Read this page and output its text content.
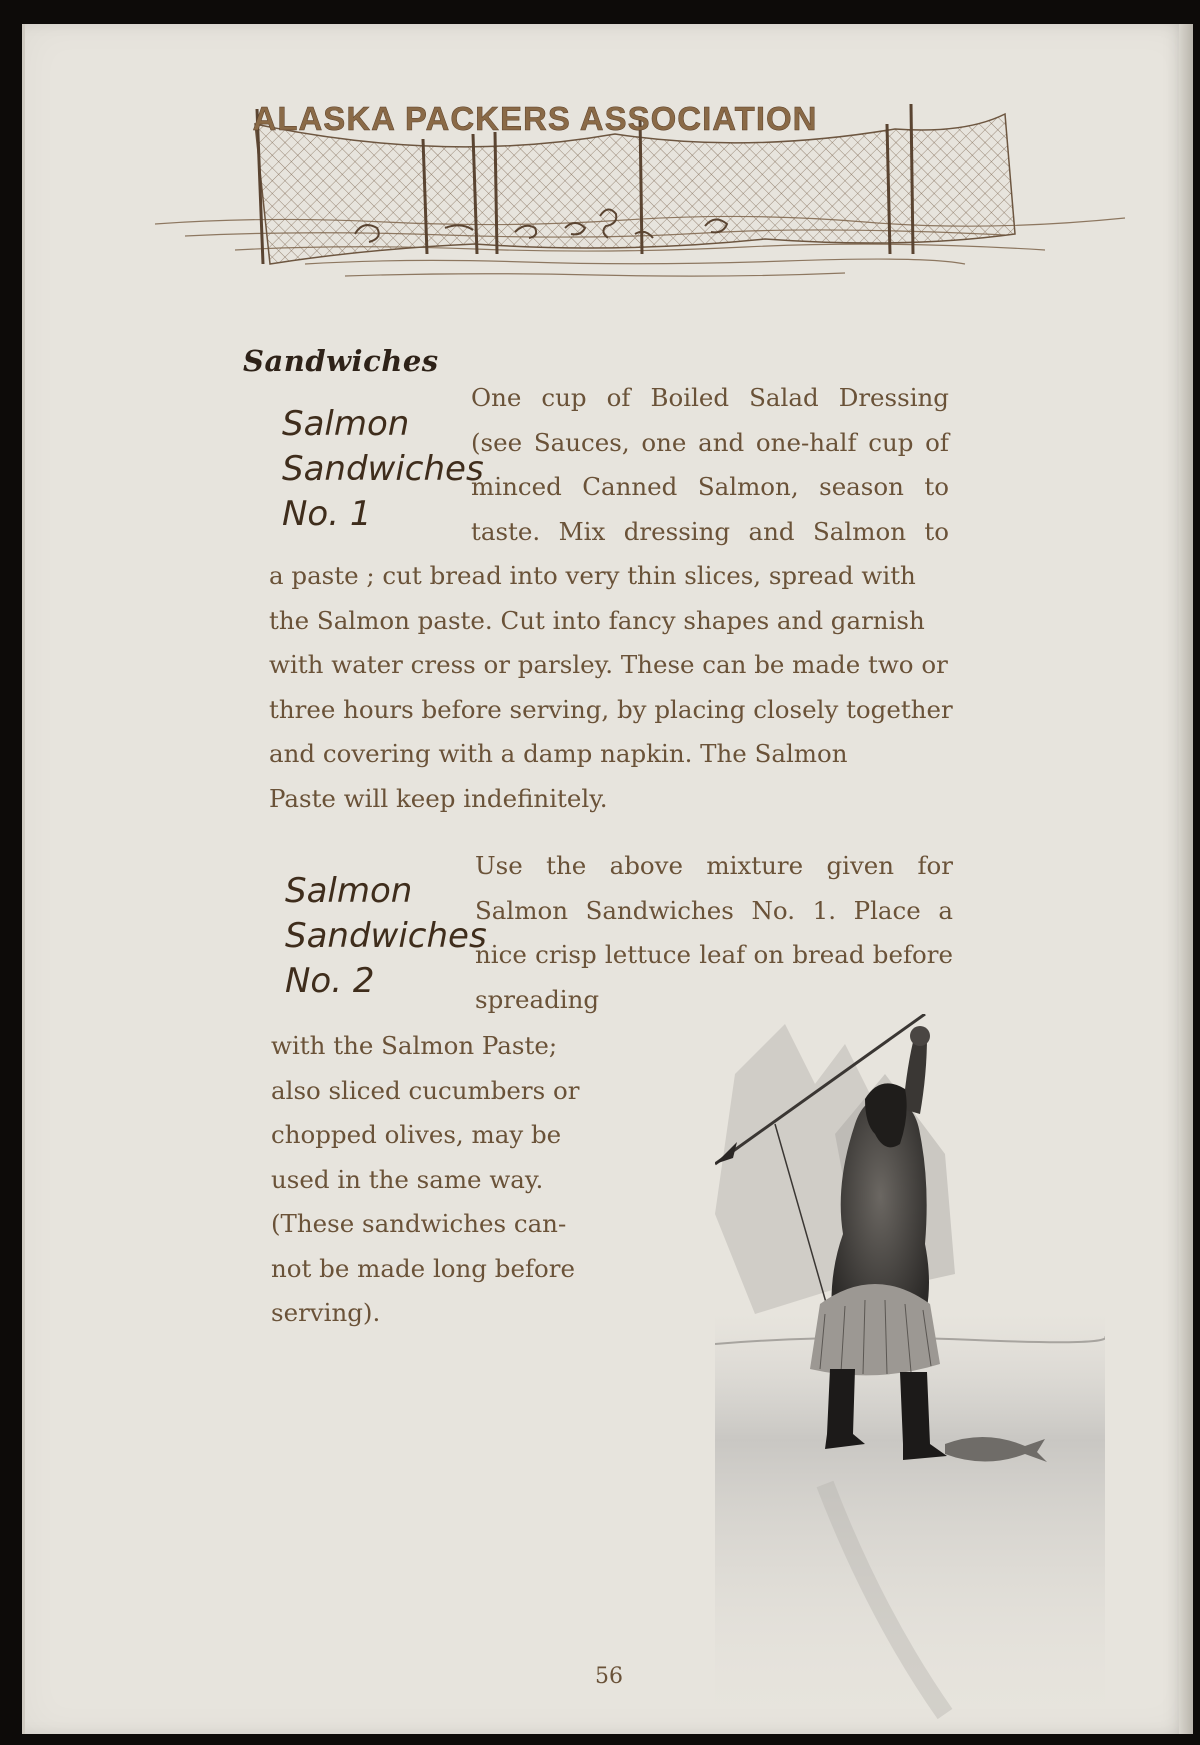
ALASKA PACKERS ASSOCIATION
Sandwiches
Salmon
Sandwiches
No. 1
One cup of Boiled Salad Dressing
(see Sauces, one and one-half cup of
minced Canned Salmon, season to
taste. Mix dressing and Salmon to
a paste ; cut bread into very thin slices, spread with
the Salmon paste. Cut into fancy shapes and garnish
with water cress or parsley. These can be made two or
three hours before serving, by placing closely together
and covering with a damp napkin. The Salmon
Paste will keep indefinitely.
Salmon
Sandwiches
No. 2
Use the above mixture given for
Salmon Sandwiches No. 1. Place a
nice crisp lettuce leaf on bread before
spreading
with the Salmon Paste;
also sliced cucumbers or
chopped olives, may be
used in the same way.
(These sandwiches can-
not be made long before
serving).
56
